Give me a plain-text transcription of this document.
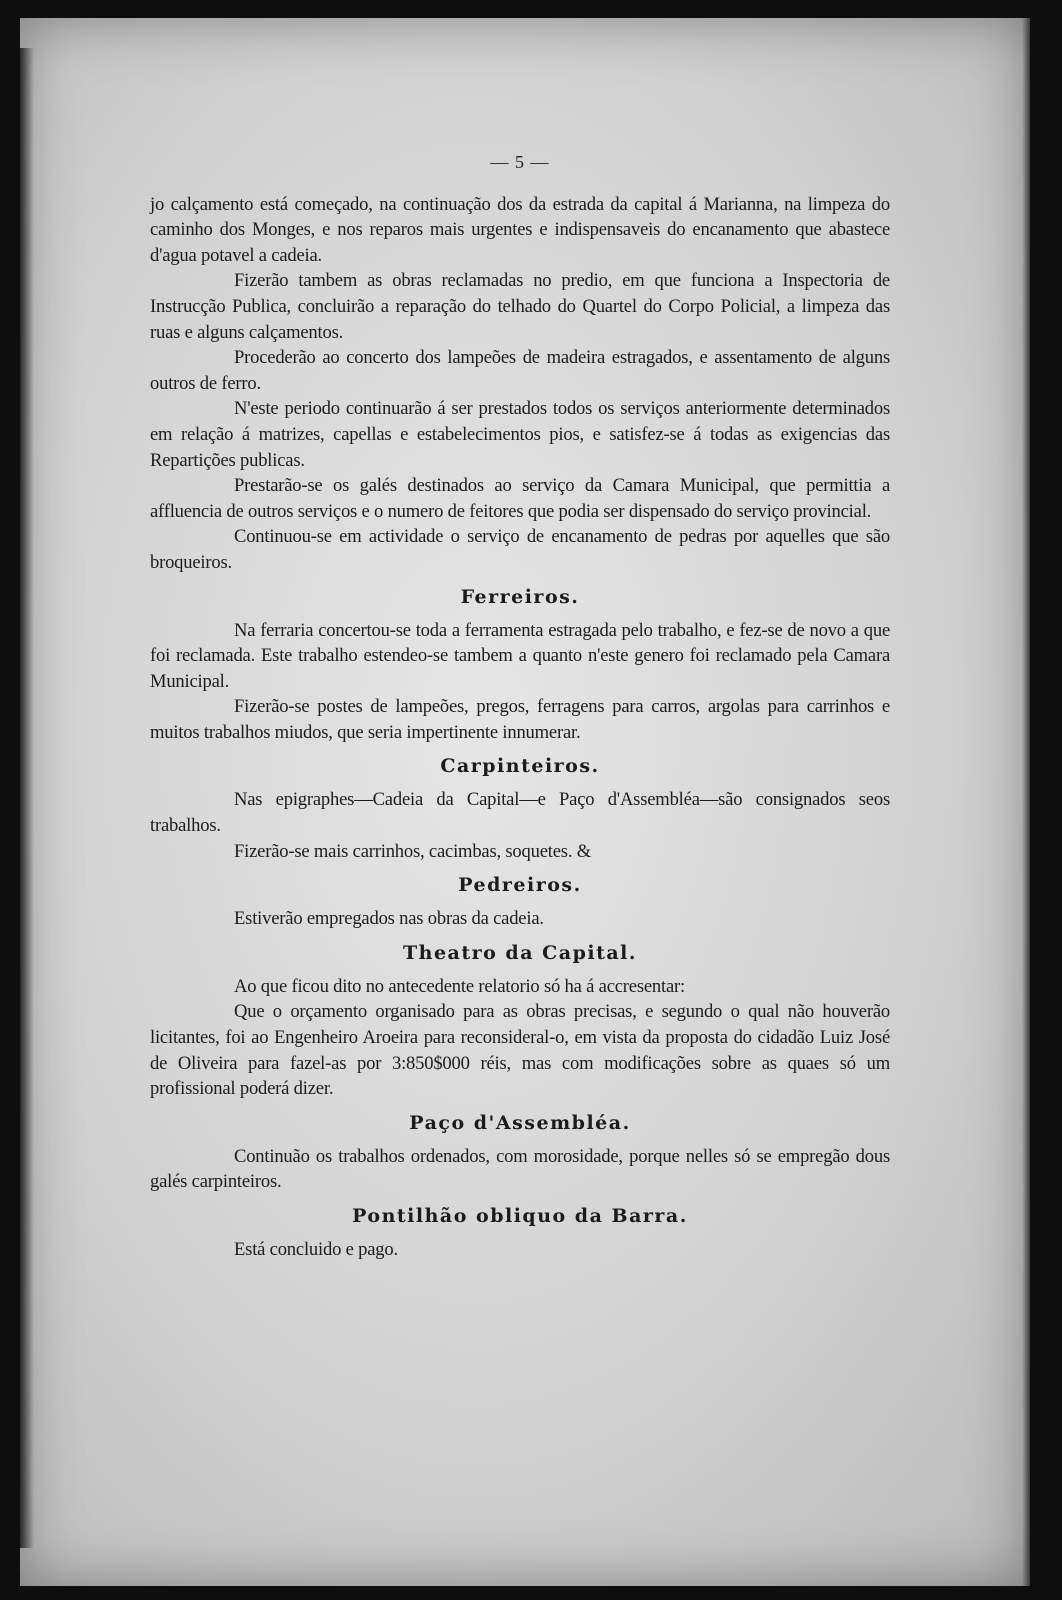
— 5 —

jo calçamento está começado, na continuação dos da estrada da capital á Marianna, na limpeza do caminho dos Monges, e nos reparos mais urgentes e indispensaveis do encanamento que abastece d'agua potavel a cadeia.

Fizerão tambem as obras reclamadas no predio, em que funciona a Inspectoria de Instrucção Publica, concluirão a reparação do telhado do Quartel do Corpo Policial, a limpeza das ruas e alguns calçamentos.

Procederão ao concerto dos lampeões de madeira estragados, e assentamento de alguns outros de ferro.

N'este periodo continuarão á ser prestados todos os serviços anteriormente determinados em relação á matrizes, capellas e estabelecimentos pios, e satisfez-se á todas as exigencias das Repartições publicas.

Prestarão-se os galés destinados ao serviço da Camara Municipal, que permittia a affluencia de outros serviços e o numero de feitores que podia ser dispensado do serviço provincial.

Continuou-se em actividade o serviço de encanamento de pedras por aquelles que são broqueiros.

Ferreiros.

Na ferraria concertou-se toda a ferramenta estragada pelo trabalho, e fez-se de novo a que foi reclamada. Este trabalho estendeo-se tambem a quanto n'este genero foi reclamado pela Camara Municipal.

Fizerão-se postes de lampeões, pregos, ferragens para carros, argolas para carrinhos e muitos trabalhos miudos, que seria impertinente innumerar.

Carpinteiros.

Nas epigraphes—Cadeia da Capital—e Paço d'Assembléa—são consignados seos trabalhos.

Fizerão-se mais carrinhos, cacimbas, soquetes. &

Pedreiros.

Estiverão empregados nas obras da cadeia.

Theatro da Capital.

Ao que ficou dito no antecedente relatorio só ha á accresentar:

Que o orçamento organisado para as obras precisas, e segundo o qual não houverão licitantes, foi ao Engenheiro Aroeira para reconsideral-o, em vista da proposta do cidadão Luiz José de Oliveira para fazel-as por 3:850$000 réis, mas com modificações sobre as quaes só um profissional poderá dizer.

Paço d'Assembléa.

Continuão os trabalhos ordenados, com morosidade, porque nelles só se empregão dous galés carpinteiros.

Pontilhão obliquo da Barra.

Está concluido e pago.
